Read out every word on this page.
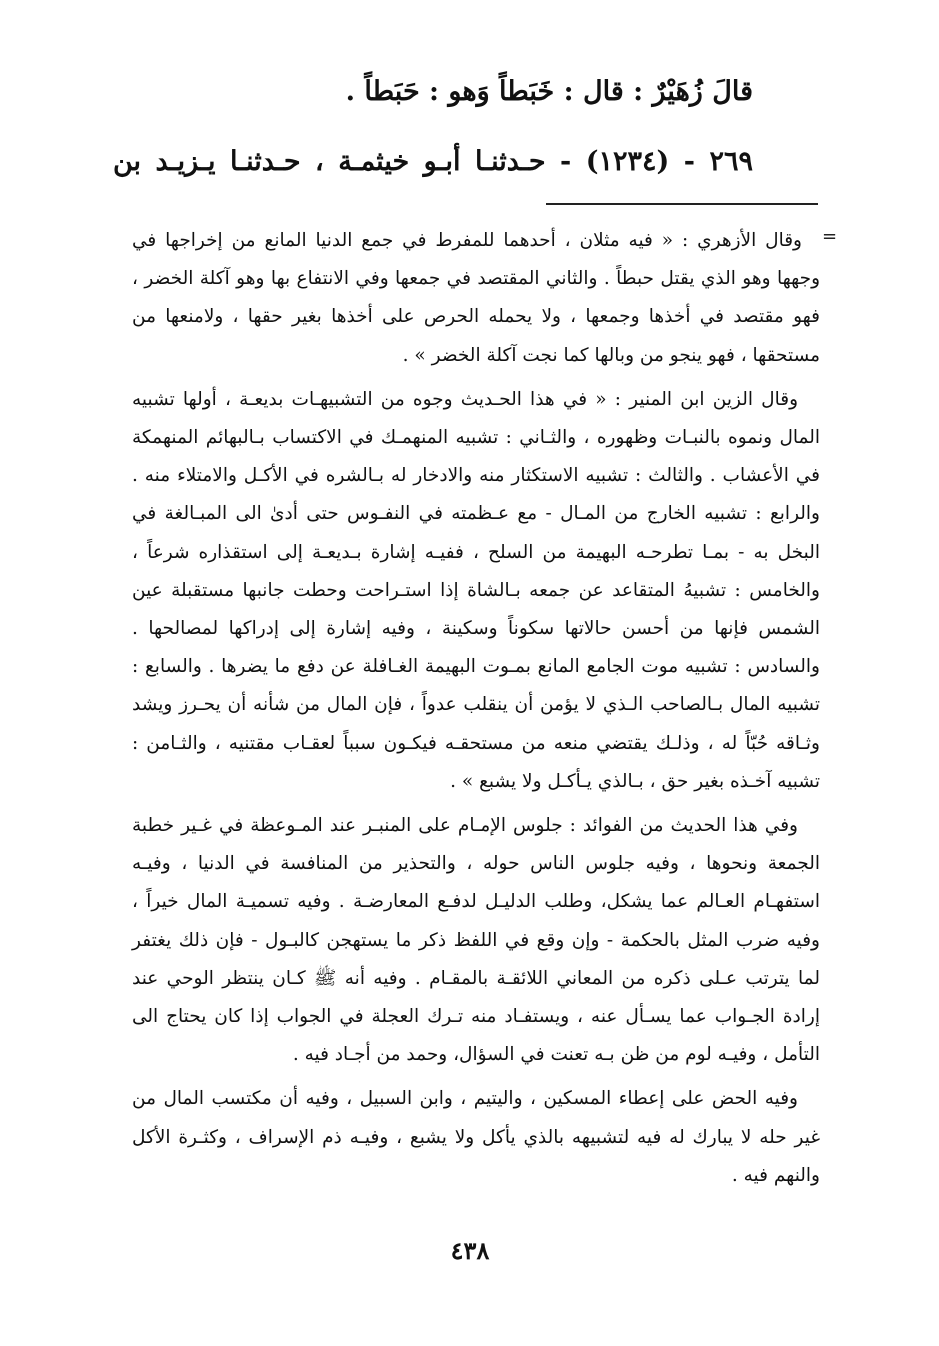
قالَ زُهَيْرٌ : قال : خَبَطاً وَهو : حَبَطاً .
٢٦٩ - (١٢٣٤) - حـدثنـا أبـو خيثمـة ، حـدثنـا يـزيـد بن
=

وقال الأزهري : « فيه مثلان ، أحدهما للمفرط في جمع الدنيا المانع من إخراجها في وجهها وهو الذي يقتل حبطاً . والثاني المقتصد في جمعها وفي الانتفاع بها وهو آكلة الخضر ، فهو مقتصد في أخذها وجمعها ، ولا يحمله الحرص على أخذها بغير حقها ، ولامنعها من مستحقها ، فهو ينجو من وبالها كما نجت آكلة الخضر » .

وقال الزين ابن المنير : « في هذا الحـديث وجوه من التشبيهـات بديعـة ، أولها تشبيه المال ونموه بالنبـات وظهوره ، والثـاني : تشبيه المنهمـك في الاكتساب بـالبهائم المنهمكة في الأعشاب . والثالث : تشبيه الاستكثار منه والادخار له بـالشره في الأكـل والامتلاء منه . والرابع : تشبيه الخارج من المـال - مع عـظمته في النفـوس حتى أدىٰ الى المبـالغة في البخل به - بمـا تطرحـه البهيمة من السلح ، ففيـه إشارة بـديعـة إلى استقذاره شرعاً ، والخامس : تشبيهُ المتقاعد عن جمعه بـالشاة إذا استـراحت وحطت جانبها مستقبلة عين الشمس فإنها من أحسن حالاتها سكوناً وسكينة ، وفيه إشارة إلى إدراكها لمصالحها . والسادس : تشبيه موت الجامع المانع بمـوت البهيمة الغـافلة عن دفع ما يضرها . والسابع : تشبيه المال بـالصاحب الـذي لا يؤمن أن ينقلب عدواً ، فإن المال من شأنه أن يحـرز ويشد وثـاقه حُبّاً له ، وذلـك يقتضي منعه من مستحقـه فيكـون سبباً لعقـاب مقتنيه ، والثـامن : تشبيه آخـذه بغير حق ، بـالذي يـأكـل ولا يشبع » .

وفي هذا الحديث من الفوائد : جلوس الإمـام على المنبـر عند المـوعظة في غـير خطبة الجمعة ونحوها ، وفيه جلوس الناس حوله ، والتحذير من المنافسة في الدنيا ، وفيـه استفهـام العـالم عما يشكل، وطلب الدليـل لدفـع المعارضـة . وفيه تسميـة المال خيراً ، وفيه ضرب المثل بالحكمة - وإن وقع في اللفظ ذكر ما يستهجن كالبـول - فإن ذلك يغتفر لما يترتب عـلى ذكره من المعاني اللائقـة بالمقـام . وفيه أنه ﷺ كـان ينتظر الوحي عند إرادة الجـواب عما يسـأل عنه ، ويستفـاد منه تـرك العجلة في الجواب إذا كان يحتاج الى التأمل ، وفيـه لوم من ظن بـه تعنت في السؤال، وحمد من أجـاد فيه .

وفيه الحض على إعطاء المسكين ، واليتيم ، وابن السبيل ، وفيه أن مكتسب المال من غير حله لا يبارك له فيه لتشبيهه بالذي يأكل ولا يشبع ، وفيـه ذم الإسراف ، وكثـرة الأكل والنهم فيه .

٤٣٨
